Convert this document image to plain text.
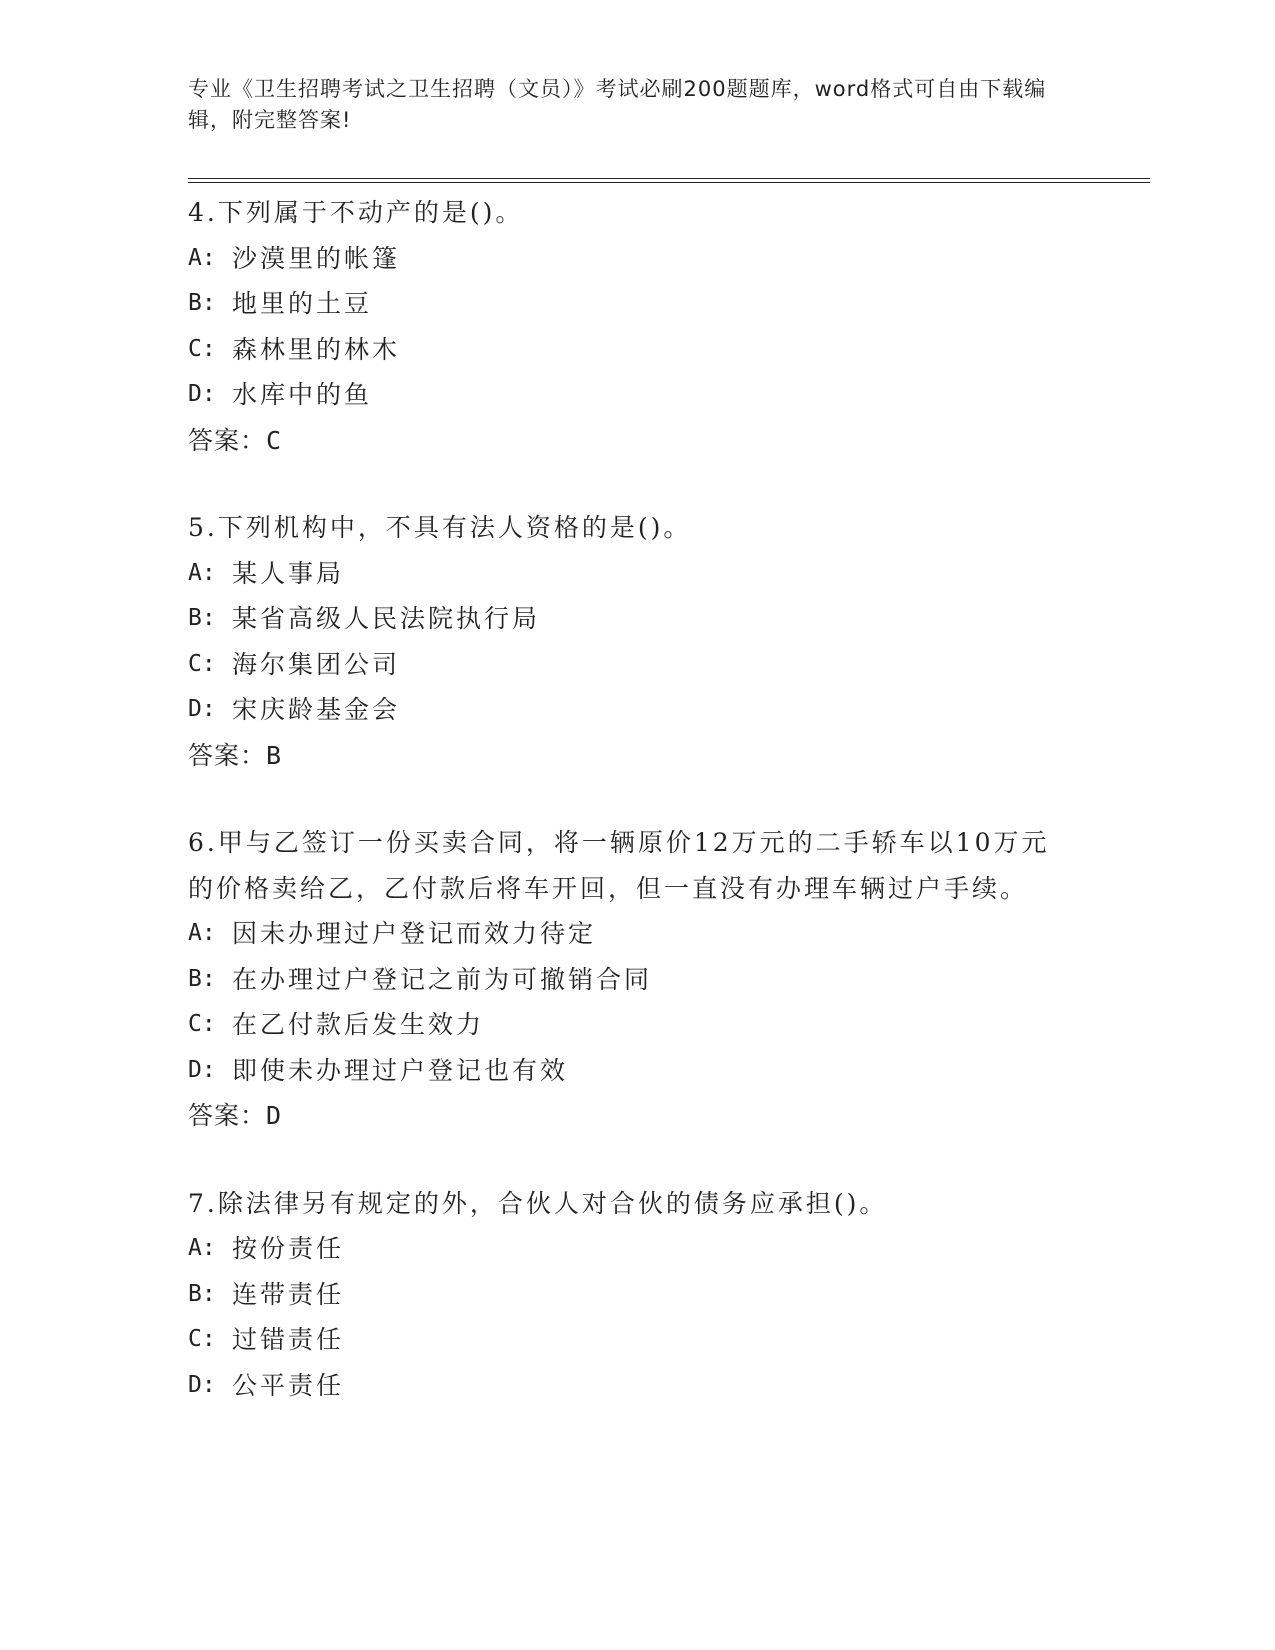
专业《卫生招聘考试之卫生招聘（文员）》考试必刷200题题库，word格式可自由下载编辑，附完整答案!
4.下列属于不动产的是()。
A: 沙漠里的帐篷
B: 地里的土豆
C: 森林里的林木
D: 水库中的鱼
答案：C
5.下列机构中，不具有法人资格的是()。
A: 某人事局
B: 某省高级人民法院执行局
C: 海尔集团公司
D: 宋庆龄基金会
答案：B
6.甲与乙签订一份买卖合同，将一辆原价12万元的二手轿车以10万元的价格卖给乙，乙付款后将车开回，但一直没有办理车辆过户手续。
A: 因未办理过户登记而效力待定
B: 在办理过户登记之前为可撤销合同
C: 在乙付款后发生效力
D: 即使未办理过户登记也有效
答案：D
7.除法律另有规定的外，合伙人对合伙的债务应承担()。
A: 按份责任
B: 连带责任
C: 过错责任
D: 公平责任
